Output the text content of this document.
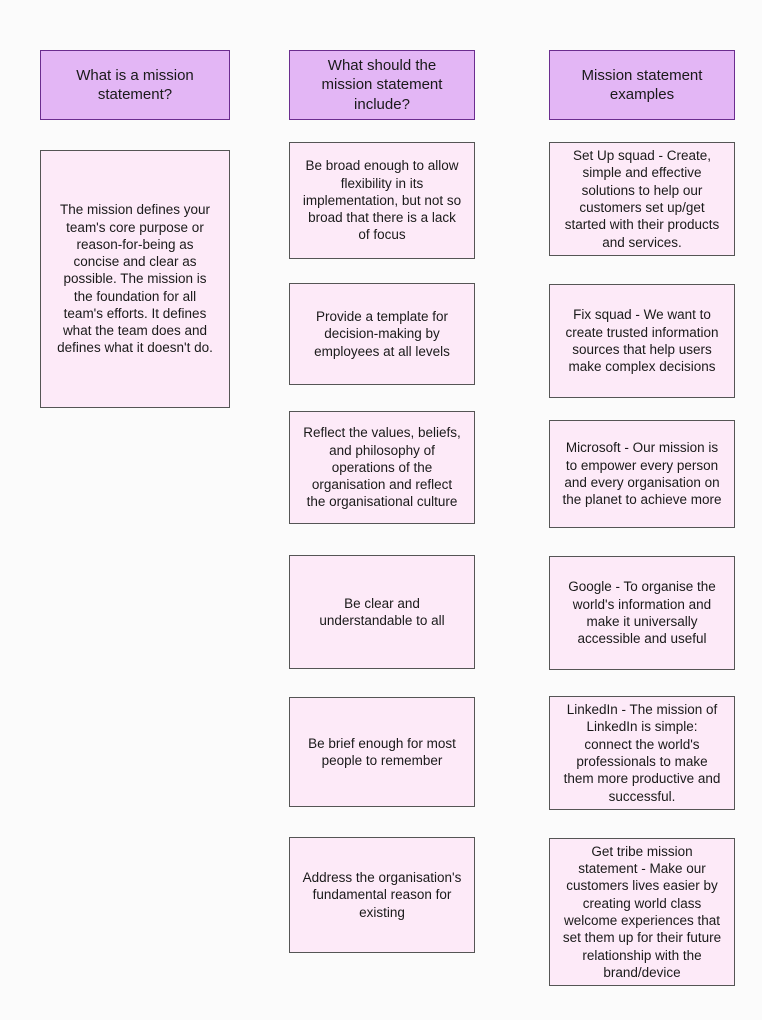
What is a mission statement?
The mission defines your team's core purpose or reason-for-being as concise and clear as possible. The mission is the foundation for all team's efforts. It defines what the team does and defines what it doesn't do.
What should the mission statement include?
Be broad enough to allow flexibility in its implementation, but not so broad that there is a lack of focus
Provide a template for decision-making by employees at all levels
Reflect the values, beliefs, and philosophy of operations of the organisation and reflect the organisational culture
Be clear and understandable to all
Be brief enough for most people to remember
Address the organisation's fundamental reason for existing
Mission statement examples
Set Up squad - Create, simple and effective solutions to help our customers set up/get started with their products and services.
Fix squad - We want to create trusted information sources that help users make complex decisions
Microsoft - Our mission is to empower every person and every organisation on the planet to achieve more
Google - To organise the world's information and make it universally accessible and useful
LinkedIn - The mission of LinkedIn is simple: connect the world's professionals to make them more productive and successful.
Get tribe mission statement - Make our customers lives easier by creating world class welcome experiences that set them up for their future relationship with the brand/device
